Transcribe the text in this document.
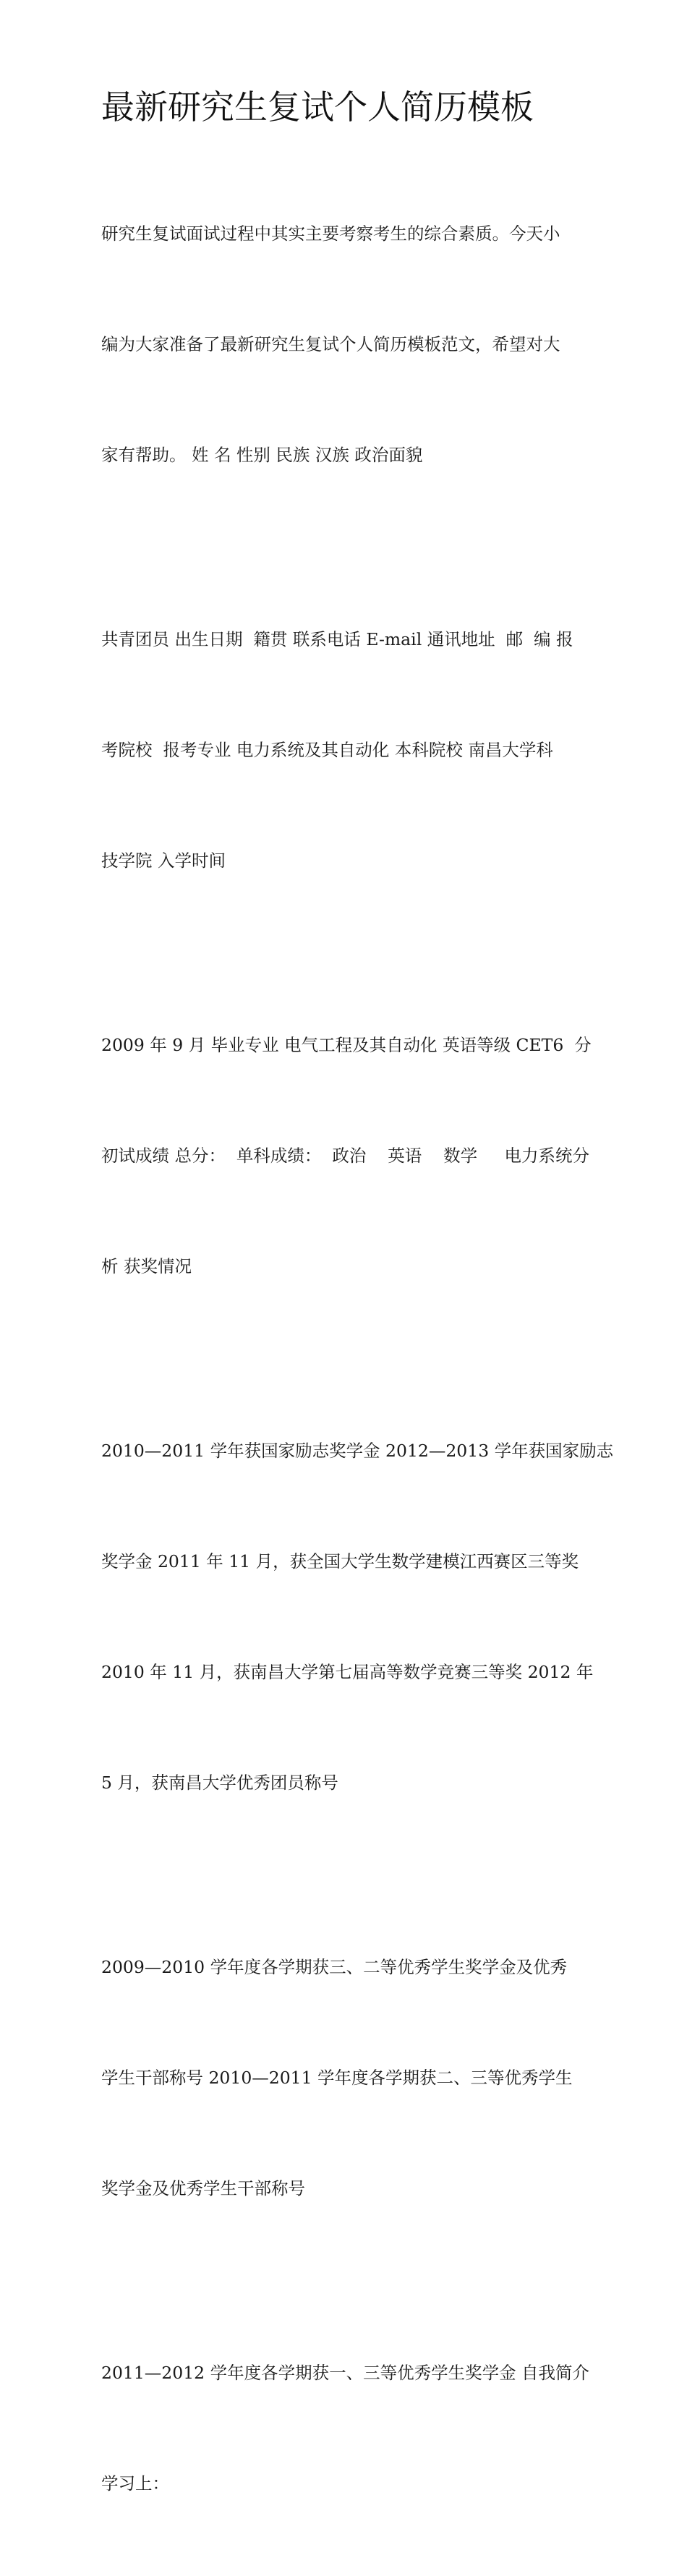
最新研究生复试个人简历模板

研究生复试面试过程中其实主要考察考生的综合素质。今天小

编为大家准备了最新研究生复试个人简历模板范文，希望对大

家有帮助。 姓 名 性别 民族 汉族 政治面貌

共青团员 出生日期  籍贯 联系电话 E-mail 通讯地址  邮  编 报

考院校  报考专业 电力系统及其自动化 本科院校 南昌大学科

技学院 入学时间

2009 年 9 月 毕业专业 电气工程及其自动化 英语等级 CET6  分

初试成绩 总分：  单科成绩：  政治    英语    数学     电力系统分

析 获奖情况

2010—2011 学年获国家励志奖学金 2012—2013 学年获国家励志

奖学金 2011 年 11 月，获全国大学生数学建模江西赛区三等奖

2010 年 11 月，获南昌大学第七届高等数学竞赛三等奖 2012 年

5 月，获南昌大学优秀团员称号

2009—2010 学年度各学期获三、二等优秀学生奖学金及优秀

学生干部称号 2010—2011 学年度各学期获二、三等优秀学生

奖学金及优秀学生干部称号

2011—2012 学年度各学期获一、三等优秀学生奖学金 自我简介

学习上：
